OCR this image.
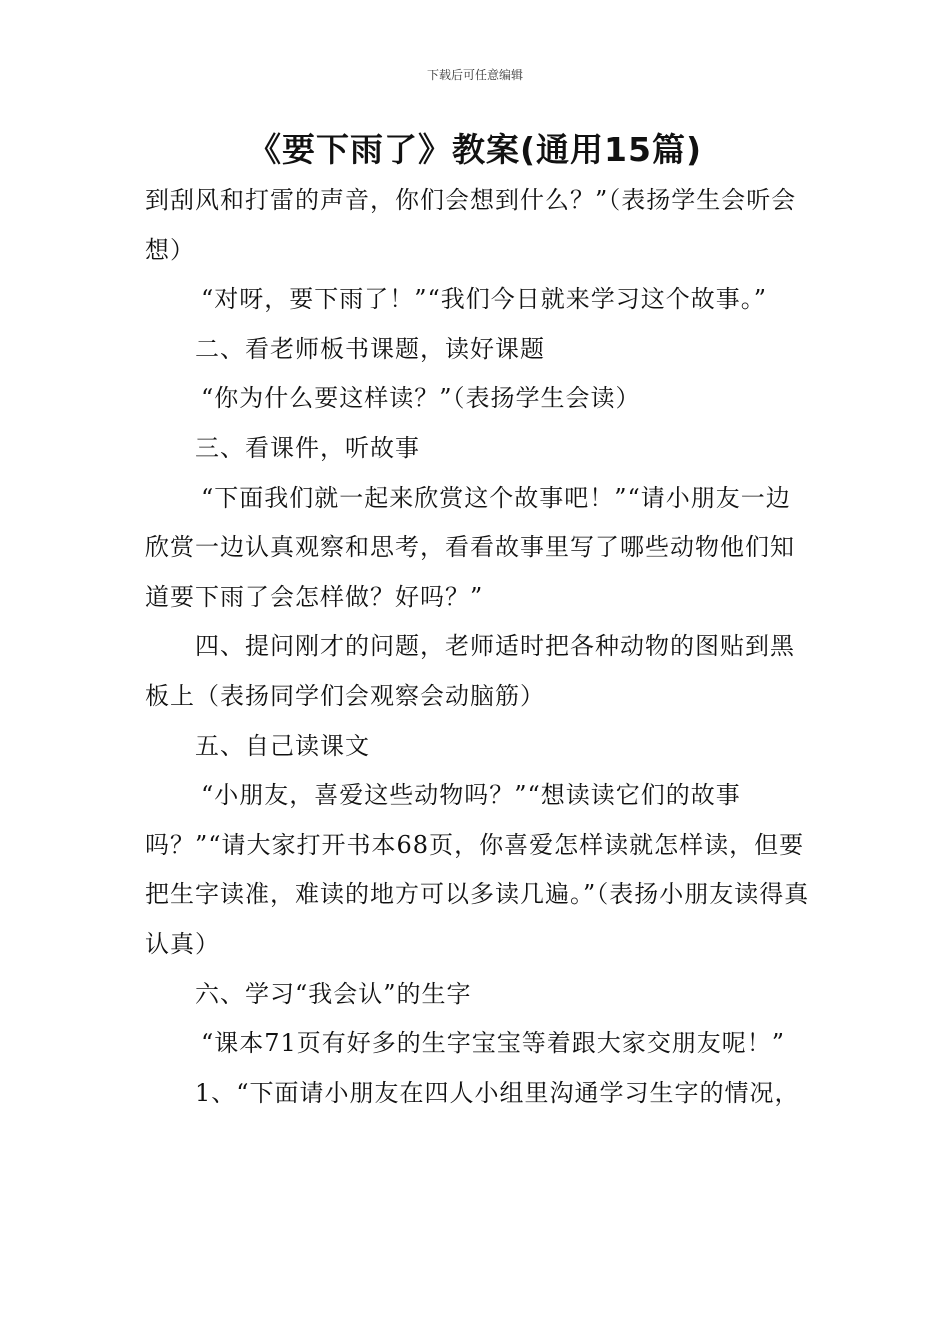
下载后可任意编辑
《要下雨了》教案(通用15篇)

到刮风和打雷的声音，你们会想到什么？”（表扬学生会听会想）

“对呀，要下雨了！”“我们今日就来学习这个故事。”

二、看老师板书课题，读好课题

“你为什么要这样读？”（表扬学生会读）

三、看课件，听故事

“下面我们就一起来欣赏这个故事吧！”“请小朋友一边欣赏一边认真观察和思考，看看故事里写了哪些动物他们知道要下雨了会怎样做？好吗？”

四、提问刚才的问题，老师适时把各种动物的图贴到黑板上（表扬同学们会观察会动脑筋）

五、自己读课文

“小朋友，喜爱这些动物吗？”“想读读它们的故事吗？”“请大家打开书本68页，你喜爱怎样读就怎样读，但要把生字读准，难读的地方可以多读几遍。”（表扬小朋友读得真认真）

六、学习“我会认”的生字

“课本71页有好多的生字宝宝等着跟大家交朋友呢！”

1、“下面请小朋友在四人小组里沟通学习生字的情况，
